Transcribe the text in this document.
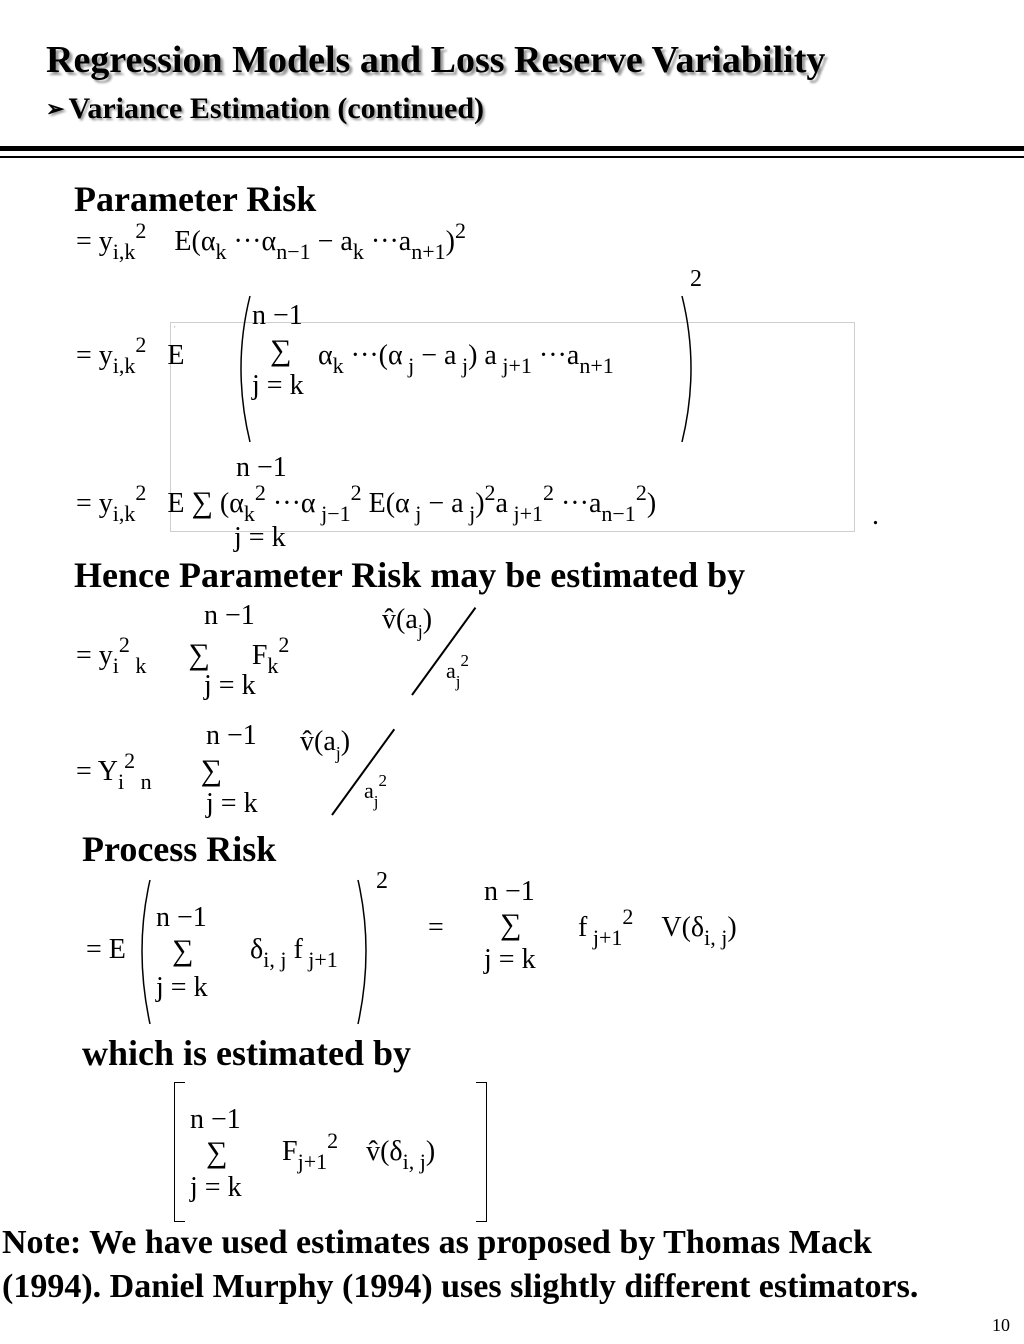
Regression Models and Loss Reserve Variability
➢ Variance Estimation (continued)
Parameter Risk
= $y_{i,k}^2$    $E(\alpha_k \cdot\cdot\cdot\alpha_{n-1} - a_k \cdot\cdot\cdot a_{n+1})^2$
▪
= $y_{i,k}^2$   E
2
n −1
∑
j = k
$\alpha_k \cdot\cdot\cdot(\alpha$ $_j$ − a $_j$) a $_{j+1} \cdot\cdot\cdot a_{n+1}$
n −1
= $y_{i,k}^2$   E ∑ ($\alpha_k^2 \cdot\cdot\cdot\alpha$ $_{j-1}^2$ E(α $_j$ − a $_j$)$^2$a $_{j+1}^2 \cdot\cdot\cdot a_{n-1}^2$)
j = k
.
Hence Parameter Risk may be estimated by
n −1
= $y_i^2$ $_k$ ∑      $F_k^2$
j = k
$v̂(a_j)$
$a_j^2$
n −1
= $Y_i^2$ $_n$ ∑
j = k
$v̂(a_j)$
$a_j^2$
Process Risk
= E
2
n −1
∑
j = k
$\delta_{i, j}$ f $_{j+1}$
=
n −1
∑
j = k
f $_{j+1}^2$    $V(\delta_{i, j})$
which is estimated by
n −1
∑
j = k
$F_{j+1}^2$    $v̂(\delta_{i, j})$
Note: We have used estimates as proposed by Thomas Mack
(1994). Daniel Murphy (1994) uses slightly different estimators.
10
